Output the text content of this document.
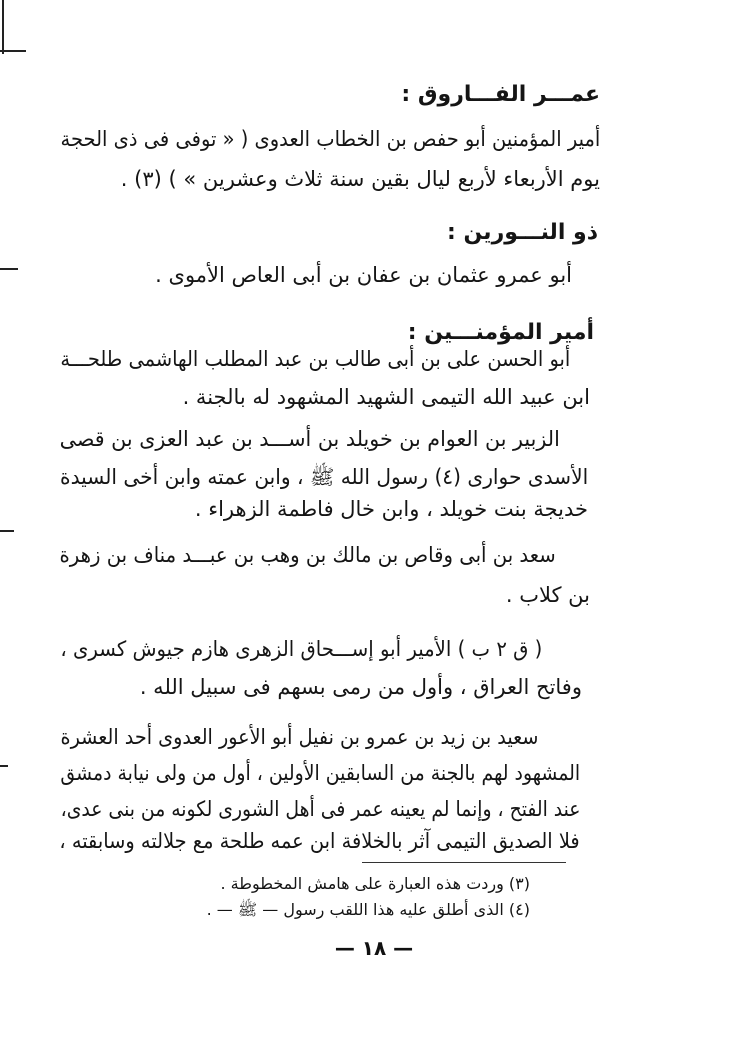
عمـــر الفـــاروق :
أمير المؤمنين أبو حفص بن الخطاب العدوى ( « توفى فى ذى الحجة
يوم الأربعاء لأربع ليال بقين سنة ثلاث وعشرين » ) (٣) .
ذو النـــورين :
أبو عمرو عثمان بن عفان بن أبى العاص الأموى .
أمير المؤمنـــين :
أبو الحسن على بن أبى طالب بن عبد المطلب الهاشمى طلحـــة
ابن عبيد الله التيمى الشهيد المشهود له بالجنة .
الزبير بن العوام بن خويلد بن أســـد بن عبد العزى بن قصى
الأسدى حوارى (٤) رسول الله ﷺ ، وابن عمته وابن أخى السيدة
خديجة بنت خويلد ، وابن خال فاطمة الزهراء .
سعد بن أبى وقاص بن مالك بن وهب بن عبـــد مناف بن زهرة
بن كلاب .
( ق ٢ ب ) الأمير أبو إســـحاق الزهرى هازم جيوش كسرى ،
وفاتح العراق ، وأول من رمى بسهم فى سبيل الله .
سعيد بن زيد بن عمرو بن نفيل أبو الأعور العدوى أحد العشرة
المشهود لهم بالجنة من السابقين الأولين ، أول من ولى نيابة دمشق
عند الفتح ، وإنما لم يعينه عمر فى أهل الشورى لكونه من بنى عدى،
فلا الصديق التيمى آثر بالخلافة ابن عمه طلحة مع جلالته وسابقته ،
(٣) وردت هذه العبارة على هامش المخطوطة .
(٤) الذى أطلق عليه هذا اللقب رسول — ﷺ — .
— ١٨ —
